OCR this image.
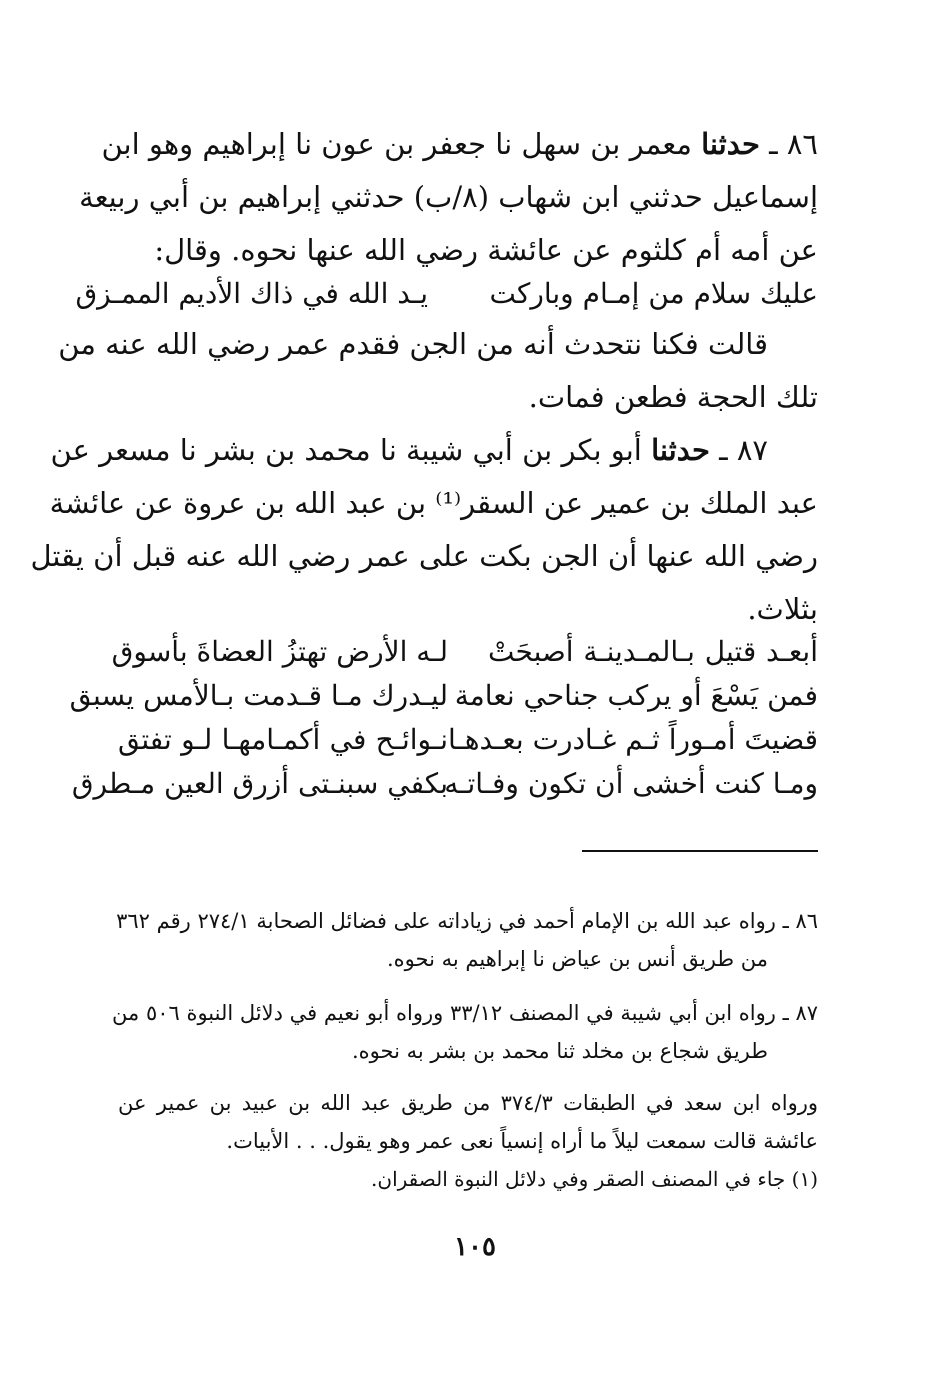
٨٦ ـ حدثنا معمر بن سهل نا جعفر بن عون نا إبراهيم وهو ابن
إسماعيل حدثني ابن شهاب (٨/ب) حدثني إبراهيم بن أبي ربيعة
عن أمه أم كلثوم عن عائشة رضي الله عنها نحوه. وقال:
عليك سلام من إمـام وباركت
يـد الله في ذاك الأديم الممـزق
قالت فكنا نتحدث أنه من الجن فقدم عمر رضي الله عنه من
تلك الحجة فطعن فمات.
٨٧ ـ حدثنا أبو بكر بن أبي شيبة نا محمد بن بشر نا مسعر عن
عبد الملك بن عمير عن السقر⁽¹⁾ بن عبد الله بن عروة عن عائشة
رضي الله عنها أن الجن بكت على عمر رضي الله عنه قبل أن يقتل
بثلاث.
أبعـد قتيل بـالمـدينـة أصبحَتْ
لـه الأرض تهتزُ العضاةَ بأسوق
فمن يَسْعَ أو يركب جناحي نعامة
ليـدرك مـا قـدمت بـالأمس يسبق
قضيتَ أمـوراً ثـم غـادرت بعـدهـا
نـوائـح في أكمـامهـا لـو تفتق
ومـا كنت أخشى أن تكون وفـاتـه
بكفي سبنـتى أزرق العين مـطرق
٨٦ ـ رواه عبد الله بن الإمام أحمد في زياداته على فضائل الصحابة ٢٧٤/١ رقم ٣٦٢
من طريق أنس بن عياض نا إبراهيم به نحوه.
٨٧ ـ رواه ابن أبي شيبة في المصنف ٣٣/١٢ ورواه أبو نعيم في دلائل النبوة ٥٠٦ من
طريق شجاع بن مخلد ثنا محمد بن بشر به نحوه.
ورواه ابن سعد في الطبقات ٣٧٤/٣ من طريق عبد الله بن عبيد بن عمير عن
عائشة قالت سمعت ليلاً ما أراه إنسياً نعى عمر وهو يقول. . . الأبيات.
(١) جاء في المصنف الصقر وفي دلائل النبوة الصقران.
١٠٥
